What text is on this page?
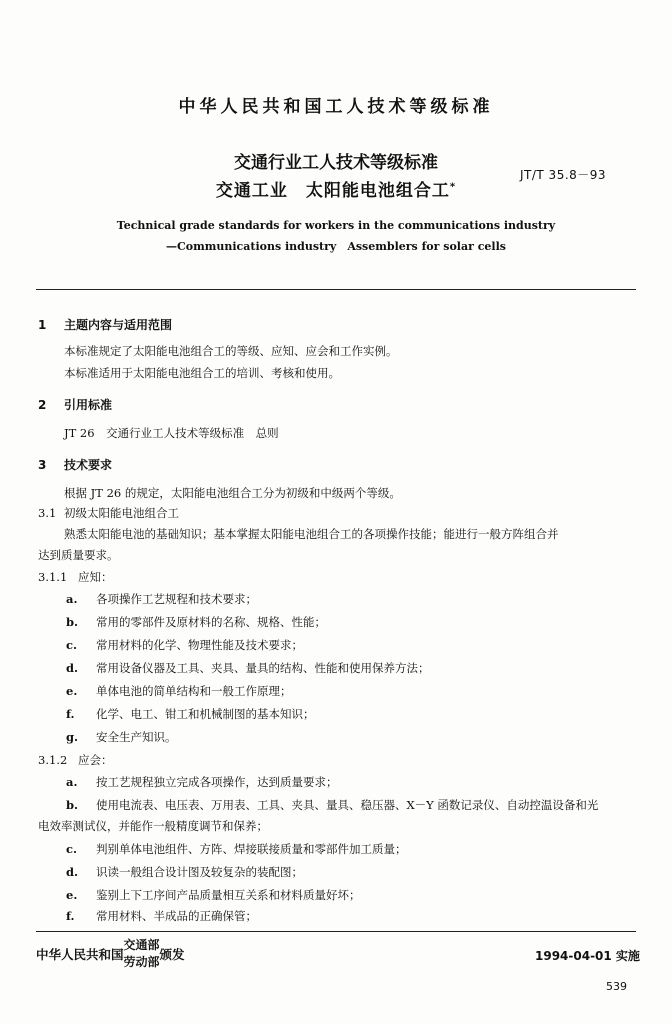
中华人民共和国工人技术等级标准
交通行业工人技术等级标准
交通工业　太阳能电池组合工*
JT/T 35.8－93
Technical grade standards for workers in the communications industry
—Communications industry　Assemblers for solar cells
1 主题内容与适用范围
本标准规定了太阳能电池组合工的等级、应知、应会和工作实例。
本标准适用于太阳能电池组合工的培训、考核和使用。
2 引用标准
JT 26　交通行业工人技术等级标准　总则
3 技术要求
根据 JT 26 的规定，太阳能电池组合工分为初级和中级两个等级。
3.1 初级太阳能电池组合工
熟悉太阳能电池的基础知识；基本掌握太阳能电池组合工的各项操作技能；能进行一般方阵组合并
达到质量要求。
3.1.1 应知：
a. 各项操作工艺规程和技术要求；
b. 常用的零部件及原材料的名称、规格、性能；
c. 常用材料的化学、物理性能及技术要求；
d. 常用设备仪器及工具、夹具、量具的结构、性能和使用保养方法；
e. 单体电池的简单结构和一般工作原理；
f. 化学、电工、钳工和机械制图的基本知识；
g. 安全生产知识。
3.1.2 应会：
a. 按工艺规程独立完成各项操作，达到质量要求；
b. 使用电流表、电压表、万用表、工具、夹具、量具、稳压器、X－Y 函数记录仪、自动控温设备和光
电效率测试仪，并能作一般精度调节和保养；
c. 判别单体电池组件、方阵、焊接联接质量和零部件加工质量；
d. 识读一般组合设计图及较复杂的装配图；
e. 鉴别上下工序间产品质量相互关系和材料质量好坏；
f. 常用材料、半成品的正确保管；
中华人民共和国
交通部
劳动部 颁发	1994-04-01 实施
539
